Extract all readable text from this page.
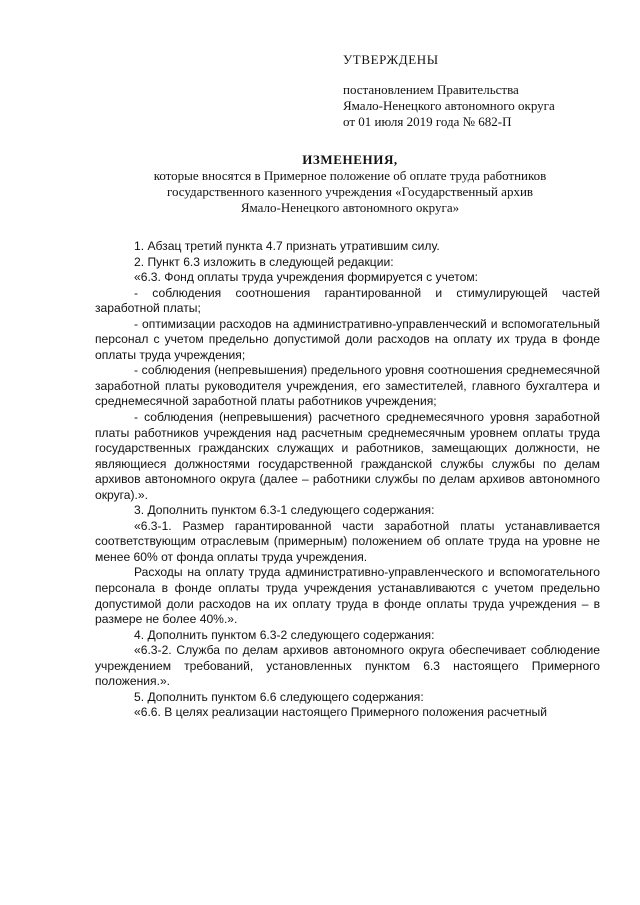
УТВЕРЖДЕНЫ
постановлением Правительства
Ямало-Ненецкого автономного округа
от 01 июля 2019 года № 682-П
ИЗМЕНЕНИЯ,
которые вносятся в Примерное положение об оплате труда работников
государственного казенного учреждения «Государственный архив
Ямало-Ненецкого автономного округа»

1. Абзац третий пункта 4.7 признать утратившим силу.

2. Пункт 6.3 изложить в следующей редакции:

«6.3. Фонд оплаты труда учреждения формируется с учетом:

- соблюдения соотношения гарантированной и стимулирующей частей заработной платы;

- оптимизации расходов на административно-управленческий и вспомогательный персонал с учетом предельно допустимой доли расходов на оплату их труда в фонде оплаты труда учреждения;

- соблюдения (непревышения) предельного уровня соотношения среднемесячной заработной платы руководителя учреждения, его заместителей, главного бухгалтера и среднемесячной заработной платы работников учреждения;

- соблюдения (непревышения) расчетного среднемесячного уровня заработной платы работников учреждения над расчетным среднемесячным уровнем оплаты труда государственных гражданских служащих и работников, замещающих должности, не являющиеся должностями государственной гражданской службы службы по делам архивов автономного округа (далее – работники службы по делам архивов автономного округа).».

3. Дополнить пунктом 6.3-1 следующего содержания:

«6.3-1. Размер гарантированной части заработной платы устанавливается соответствующим отраслевым (примерным) положением об оплате труда на уровне не менее 60% от фонда оплаты труда учреждения.

Расходы на оплату труда административно-управленческого и вспомогательного персонала в фонде оплаты труда учреждения устанавливаются с учетом предельно допустимой доли расходов на их оплату труда в фонде оплаты труда учреждения – в размере не более 40%.».

4. Дополнить пунктом 6.3-2 следующего содержания:

«6.3-2. Служба по делам архивов автономного округа обеспечивает соблюдение учреждением требований, установленных пунктом 6.3 настоящего Примерного положения.».

5. Дополнить пунктом 6.6 следующего содержания:

«6.6. В целях реализации настоящего Примерного положения расчетный
